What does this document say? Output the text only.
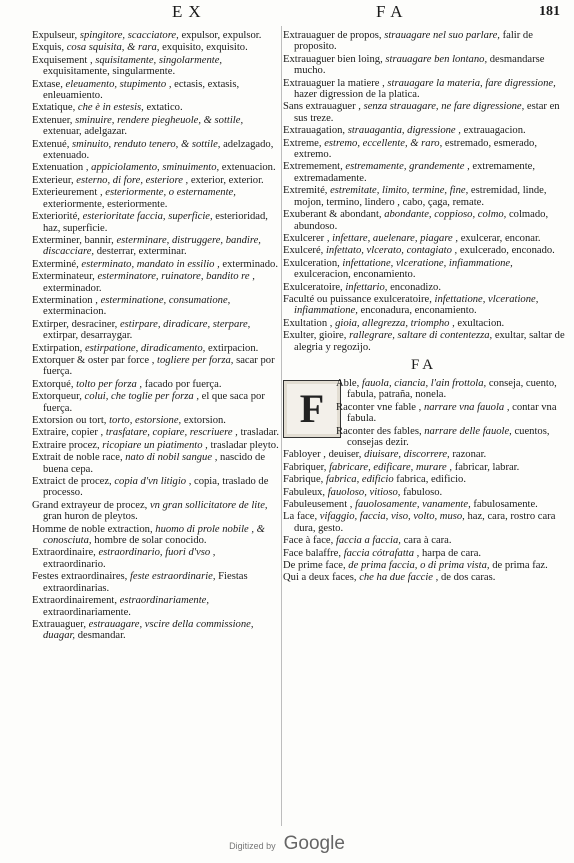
EX	FA	181
Expulseur, spingitore, scacciatore, expulsor, expulsor.
Exquis, cosa squisita, & rara, exquisito, exquisito.
Exquisement , squisitamente, singolarmente, exquisitamente, singularmente.
Extase, eleuamento, stupimento , ectasis, extasis, enleuamiento.
Extatique, che è in estesis, extatico.
Extenuer, sminuire, rendere piegheuole, & sottile, extenuar, adelgazar.
Extenué, sminuito, renduto tenero, & sottile, adelzagado, extenuado.
Extenuation , appiciolamento, sminuimento, extenuacion.
Exterieur, esterno, di fore, esteriore , exterior, exterior.
Exterieurement , esteriormente, o esternamente, exteriormente, esteriormente.
Exteriorité, esterioritate faccia, superficie, esterioridad, haz, superficie.
Exterminer, bannir, esterminare, distruggere, bandire, discacciare, desterrar, exterminar.
Exterminé, esterminato, mandato in essilio , exterminado.
Exterminateur, esterminatore, ruinatore, bandito re , exterminador.
Extermination , esterminatione, consumatione, exterminacion.
Extirper, desraciner, estirpare, diradicare, sterpare, extirpar, desarraygar.
Extirpation, estirpatione, diradicamento, extirpacion.
Extorquer & oster par force , togliere per forza, sacar por fuerça.
Extorqué, tolto per forza , facado por fuerça.
Extorqueur, colui, che toglie per forza , el que saca por fuerça.
Extorsion ou tort, torto, estorsione, extorsion.
Extraire, copier , trasfatare, copiare, rescriuere , trasladar.
Extraire procez, ricopiare un piatimento , trasladar pleyto.
Extrait de noble race, nato di nobil sangue , nascido de buena cepa.
Extraict de procez, copia d'vn litigio , copia, traslado de processo.
Grand extrayeur de procez, vn gran sollicitatore de lite, gran huron de pleytos.
Homme de noble extraction, huomo di prole nobile , & conosciuta, hombre de solar conocido.
Extraordinaire, estraordinario, fuori d'vso , extraordinario.
Festes extraordinaires, feste estraordinarie, Fiestas extraordinarias.
Extraordinairement, estraordinariamente, extraordinariamente.
Extrauaguer, estrauagare, vscire della commissione, duagar, desmandar.
Extrauaguer de propos, strauagare nel suo parlare, falir de proposito.
Extrauaguer bien loing, strauagare ben lontano, desmandarse mucho.
Extrauaguer la matiere , strauagare la materia, fare digressione, hazer digression de la platica.
Sans extrauaguer , senza strauagare, ne fare digressione, estar en sus treze.
Extrauagation, strauagantia, digressione , extrauagacion.
Extreme, estremo, eccellente, & raro, estremado, esmerado, extremo.
Extremement, estremamente, grandemente , extremamente, extremadamente.
Extremité, estremitate, limito, termine, fine, estremidad, linde, mojon, termino, lindero , cabo, çaga, remate.
Exuberant & abondant, abondante, coppioso, colmo, colmado, abundoso.
Exulcerer , infettare, auelenare, piagare , exulcerar, enconar.
Exulceré, infettato, vlcerato, contagiato , exulcerado, enconado.
Exulceration, infettatione, vlceratione, infiammatione, exulceracion, enconamiento.
Exulceratoire, infettario, enconadizo.
Faculté ou puissance exulceratoire, infettatione, vlceratione, infiammatione, enconadura, enconamiento.
Exultation , gioia, allegrezza, triompho , exultacion.
Exulter, gioire, rallegrare, saltare di contentezza, exultar, saltar de alegria y regozijo.
FA
F
Able, fauola, ciancia, l'ain frottola, conseja, cuento, fabula, patraña, nonela.
Raconter vne fable , narrare vna fauola , contar vna fabula.
Raconter des fables, narrare delle fauole, cuentos, consejas dezir.
Fabloyer , deuiser, diuisare, discorrere, razonar.
Fabriquer, fabricare, edificare, murare , fabricar, labrar.
Fabrique, fabrica, edificio fabrica, edificio.
Fabuleux, fauoloso, vitioso, fabuloso.
Fabuleusement , fauolosamente, vanamente, fabulosamente.
La face, vifaggio, faccia, viso, volto, muso, haz, cara, rostro cara dura, gesto.
Face à face, faccia a faccia, cara à cara.
Face balaffre, faccia cótrafatta , harpa de cara.
De prime face, de prima faccia, o di prima vista, de prima faz.
Qui a deux faces, che ha due faccie , de dos caras.
Digitized by Google
